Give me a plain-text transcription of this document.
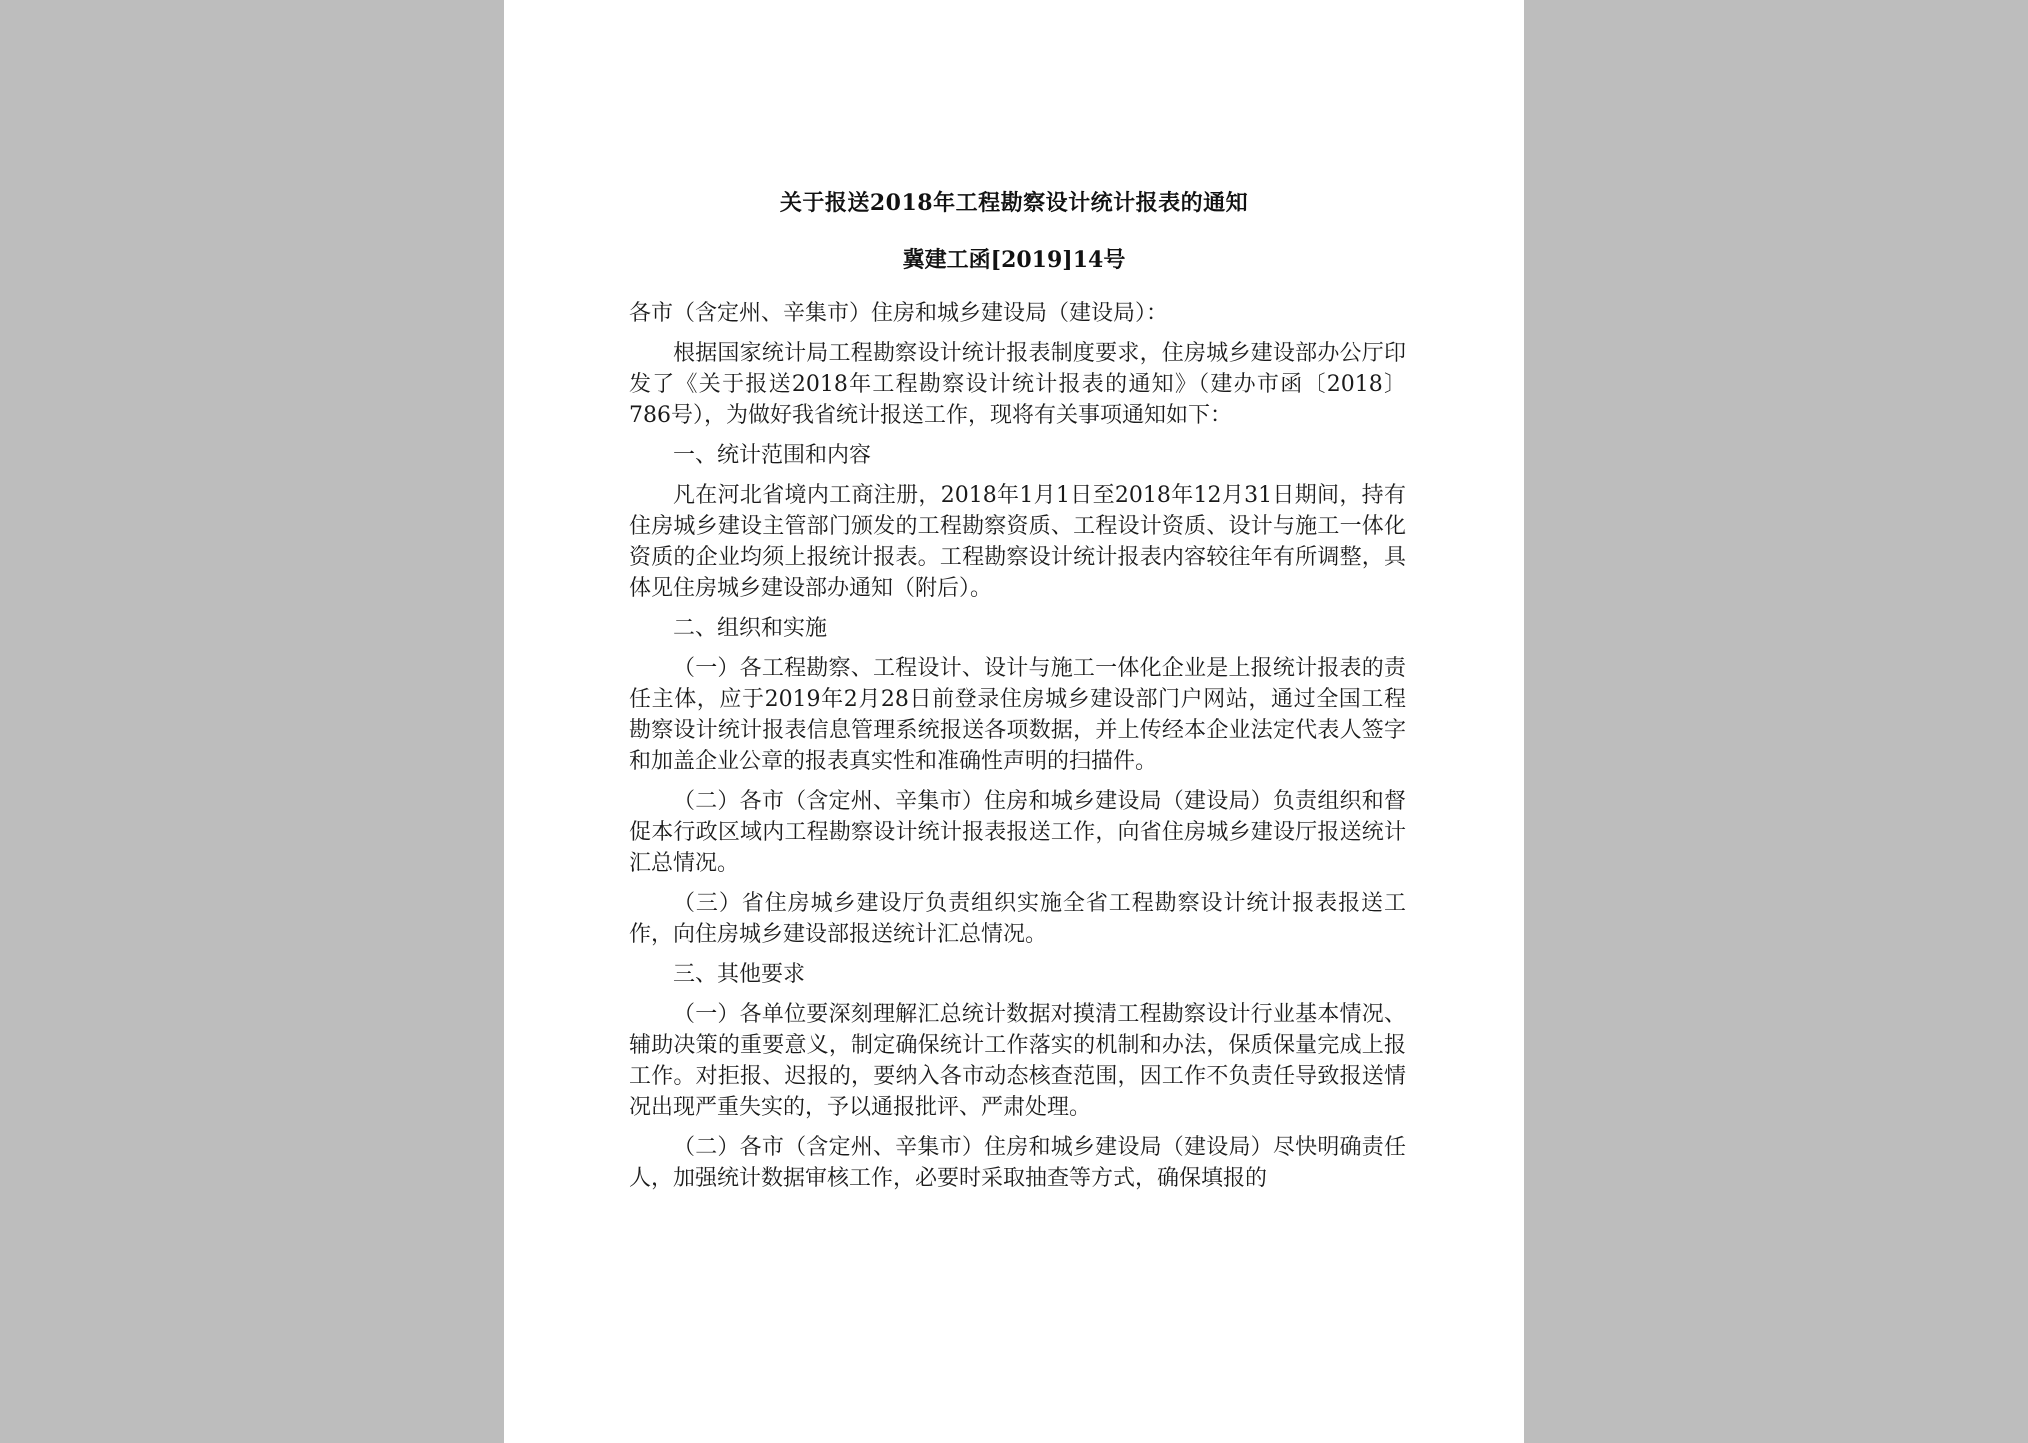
关于报送2018年工程勘察设计统计报表的通知
冀建工函[2019]14号

各市（含定州、辛集市）住房和城乡建设局（建设局）：

根据国家统计局工程勘察设计统计报表制度要求，住房城乡建设部办公厅印发了《关于报送2018年工程勘察设计统计报表的通知》（建办市函〔2018〕786号），为做好我省统计报送工作，现将有关事项通知如下：

一、统计范围和内容

凡在河北省境内工商注册，2018年1月1日至2018年12月31日期间，持有住房城乡建设主管部门颁发的工程勘察资质、工程设计资质、设计与施工一体化资质的企业均须上报统计报表。工程勘察设计统计报表内容较往年有所调整，具体见住房城乡建设部办通知（附后）。

二、组织和实施

（一）各工程勘察、工程设计、设计与施工一体化企业是上报统计报表的责任主体，应于2019年2月28日前登录住房城乡建设部门户网站，通过全国工程勘察设计统计报表信息管理系统报送各项数据，并上传经本企业法定代表人签字和加盖企业公章的报表真实性和准确性声明的扫描件。

（二）各市（含定州、辛集市）住房和城乡建设局（建设局）负责组织和督促本行政区域内工程勘察设计统计报表报送工作，向省住房城乡建设厅报送统计汇总情况。

（三）省住房城乡建设厅负责组织实施全省工程勘察设计统计报表报送工作，向住房城乡建设部报送统计汇总情况。

三、其他要求

（一）各单位要深刻理解汇总统计数据对摸清工程勘察设计行业基本情况、辅助决策的重要意义，制定确保统计工作落实的机制和办法，保质保量完成上报工作。对拒报、迟报的，要纳入各市动态核查范围，因工作不负责任导致报送情况出现严重失实的，予以通报批评、严肃处理。

（二）各市（含定州、辛集市）住房和城乡建设局（建设局）尽快明确责任人，加强统计数据审核工作，必要时采取抽查等方式，确保填报的
